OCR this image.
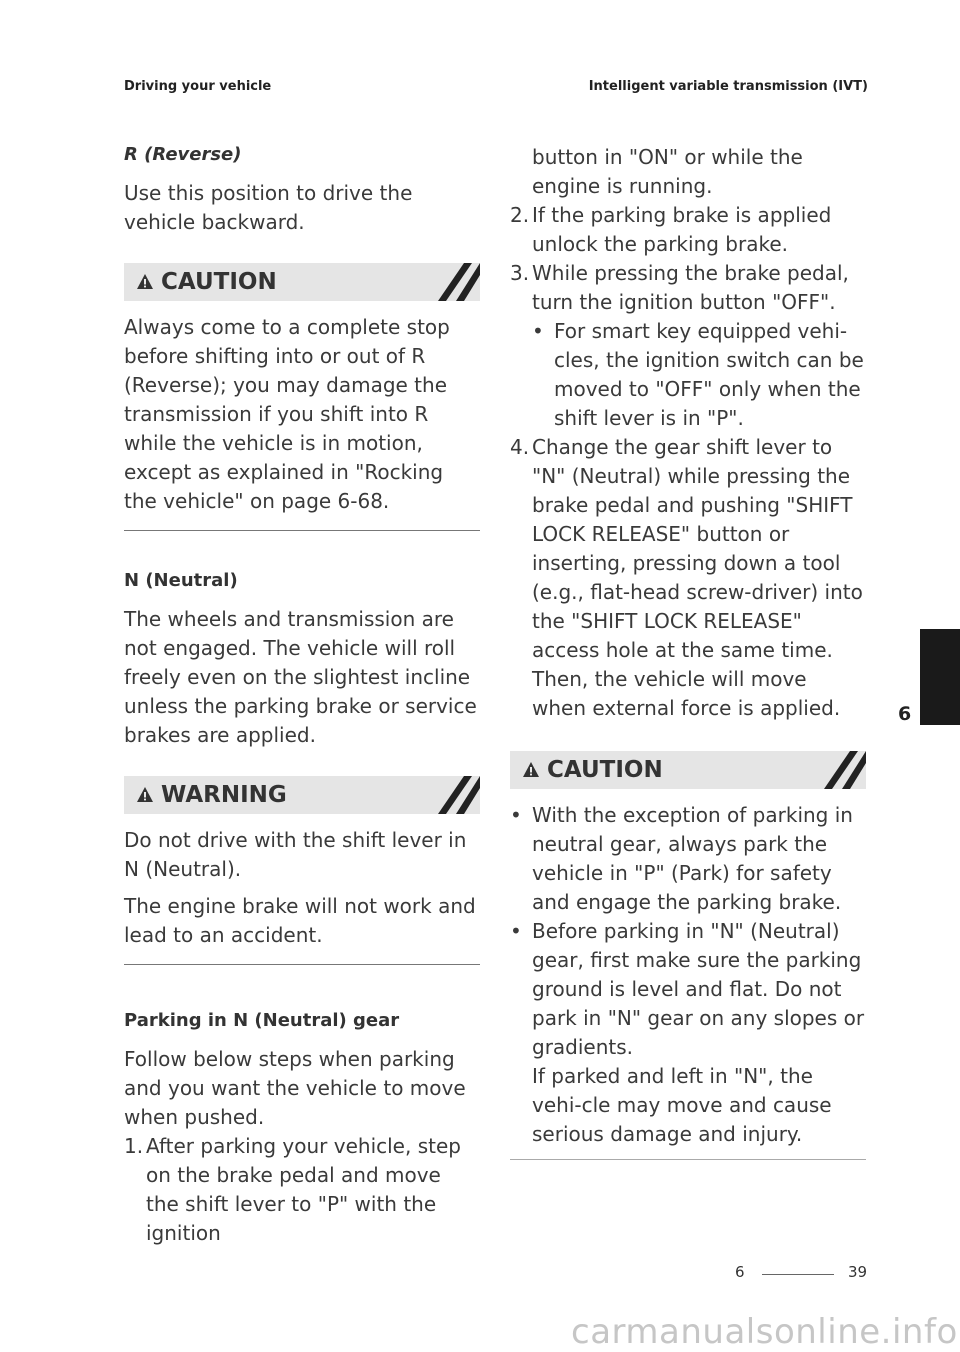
Driving your vehicle	Intelligent variable transmission (IVT)
R (Reverse)

Use this position to drive the vehicle backward.

CAUTION

Always come to a complete stop before shifting into or out of R (Reverse); you may damage the transmission if you shift into R while the vehicle is in motion, except as explained in "Rocking the vehicle" on page 6-68.

N (Neutral)

The wheels and transmission are not engaged. The vehicle will roll freely even on the slightest incline unless the parking brake or service brakes are applied.

WARNING

Do not drive with the shift lever in N (Neutral).

The engine brake will not work and lead to an accident.

Parking in N (Neutral) gear

Follow below steps when parking and you want the vehicle to move when pushed.

1. After parking your vehicle, step on the brake pedal and move the shift lever to "P" with the ignition
button in "ON" or while the engine is running.
2. If the parking brake is applied unlock the parking brake.
3. While pressing the brake pedal, turn the ignition button "OFF".
• For smart key equipped vehi-cles, the ignition switch can be moved to "OFF" only when the shift lever is in "P".
4. Change the gear shift lever to "N" (Neutral) while pressing the brake pedal and pushing "SHIFT LOCK RELEASE" button or inserting, pressing down a tool (e.g., flat-head screw-driver) into the "SHIFT LOCK RELEASE" access hole at the same time. Then, the vehicle will move when external force is applied.
CAUTION
• With the exception of parking in neutral gear, always park the vehicle in "P" (Park) for safety and engage the parking brake.
• Before parking in "N" (Neutral) gear, first make sure the parking ground is level and flat. Do not park in "N" gear on any slopes or gradients.
If parked and left in "N", the vehi-cle may move and cause serious damage and injury.
6
6	39
carmanualsonline.info
